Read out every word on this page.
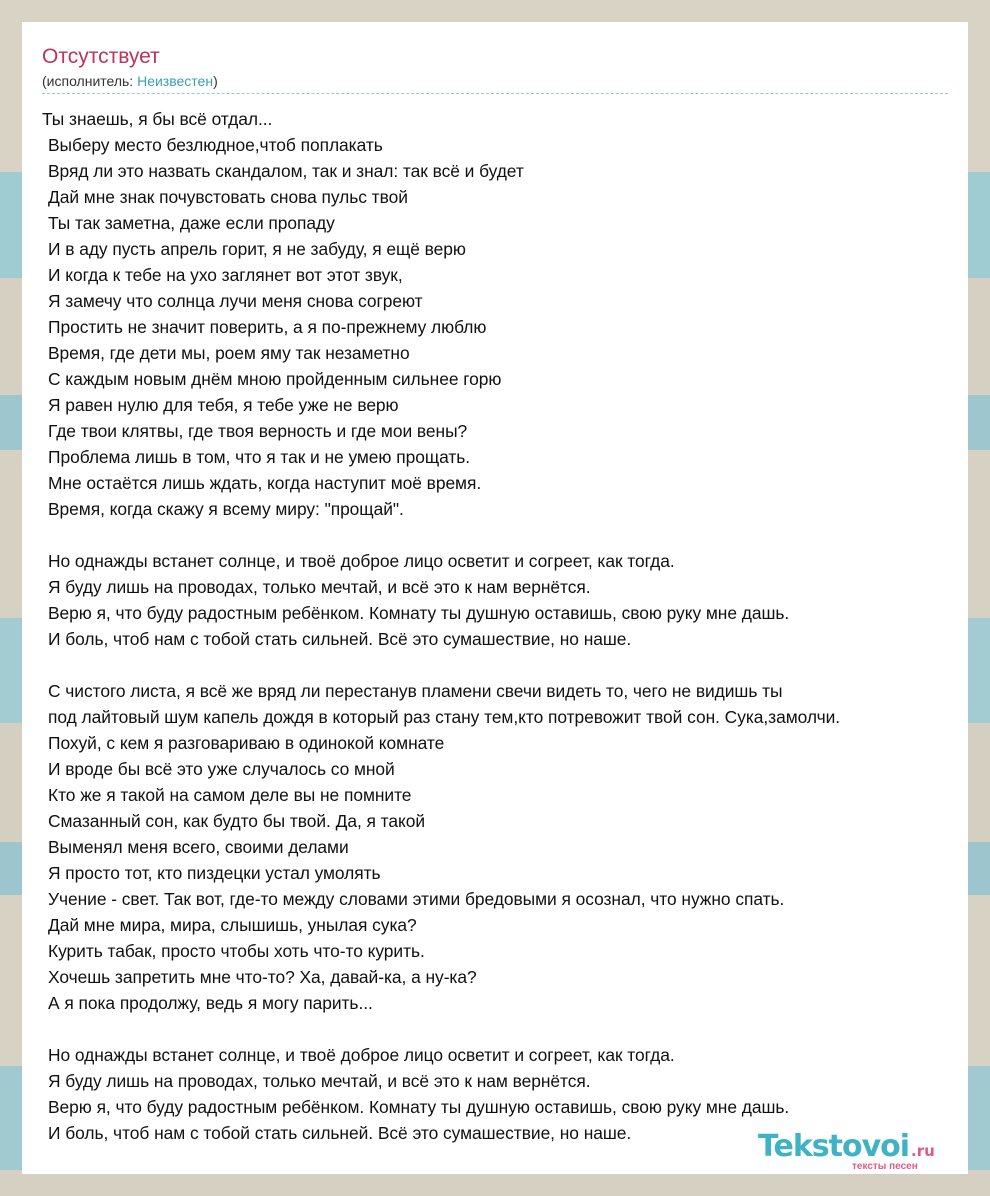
Отсутствует
(исполнитель: Неизвестен)
Ты знаешь, я бы всё отдал...
Выберу место безлюдное,чтоб поплакать
Вряд ли это назвать скандалом, так и знал: так всё и будет
Дай мне знак почувстовать снова пульс твой
Ты так заметна, даже если пропаду
И в аду пусть апрель горит, я не забуду, я ещё верю
И когда к тебе на ухо заглянет вот этот звук,
Я замечу что солнца лучи меня снова согреют
Простить не значит поверить, а я по-прежнему люблю
Время, где дети мы, роем яму так незаметно
С каждым новым днём мною пройденным сильнее горю
Я равен нулю для тебя, я тебе уже не верю
Где твои клятвы, где твоя верность и где мои вены?
Проблема лишь в том, что я так и не умею прощать.
Мне остаётся лишь ждать, когда наступит моё время.
Время, когда скажу я всему миру: "прощай".
Но однажды встанет солнце, и твоё доброе лицо осветит и согреет, как тогда.
Я буду лишь на проводах, только мечтай, и всё это к нам вернётся.
Верю я, что буду радостным ребёнком. Комнату ты душную оставишь, свою руку мне дашь.
И боль, чтоб нам с тобой стать сильней. Всё это сумашествие, но наше.
С чистого листа, я всё же вряд ли перестанув пламени свечи видеть то, чего не видишь ты
под лайтовый шум капель дождя в который раз стану тем,кто потревожит твой сон. Сука,замолчи.
Похуй, с кем я разговариваю в одинокой комнате
И вроде бы всё это уже случалось со мной
Кто же я такой на самом деле вы не помните
Смазанный сон, как будто бы твой. Да, я такой
Выменял меня всего, своими делами
Я просто тот, кто пиздецки устал умолять
Учение - свет. Так вот, где-то между словами этими бредовыми я осознал, что нужно спать.
Дай мне мира, мира, слышишь, унылая сука?
Курить табак, просто чтобы хоть что-то курить.
Хочешь запретить мне что-то? Ха, давай-ка, а ну-ка?
А я пока продолжу, ведь я могу парить...
Но однажды встанет солнце, и твоё доброе лицо осветит и согреет, как тогда.
Я буду лишь на проводах, только мечтай, и всё это к нам вернётся.
Верю я, что буду радостным ребёнком. Комнату ты душную оставишь, свою руку мне дашь.
И боль, чтоб нам с тобой стать сильней. Всё это сумашествие, но наше.	Tekstovoi .ru
тексты песен
